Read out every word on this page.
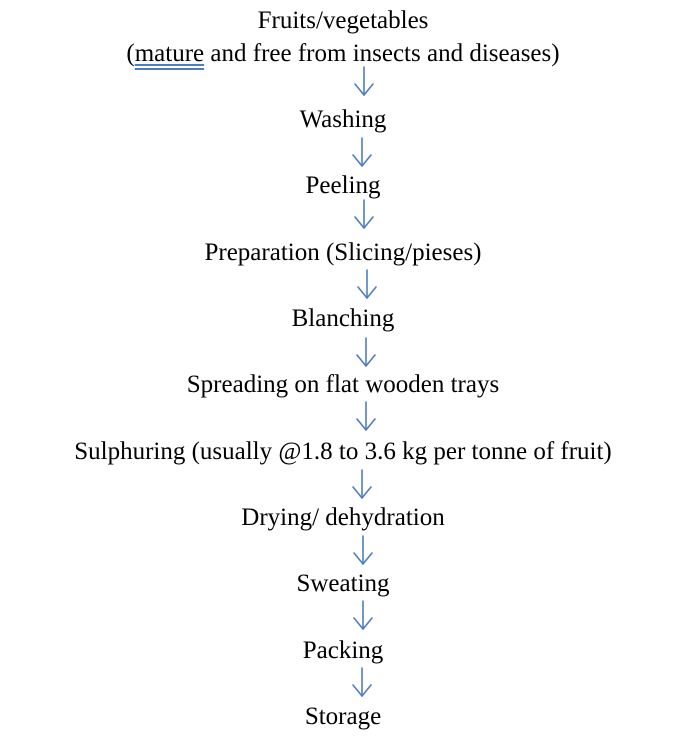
Fruits/vegetables
(mature and free from insects and diseases)
Washing
Peeling
Preparation (Slicing/pieses)
Blanching
Spreading on flat wooden trays
Sulphuring (usually @1.8 to 3.6 kg per tonne of fruit)
Drying/ dehydration
Sweating
Packing
Storage
